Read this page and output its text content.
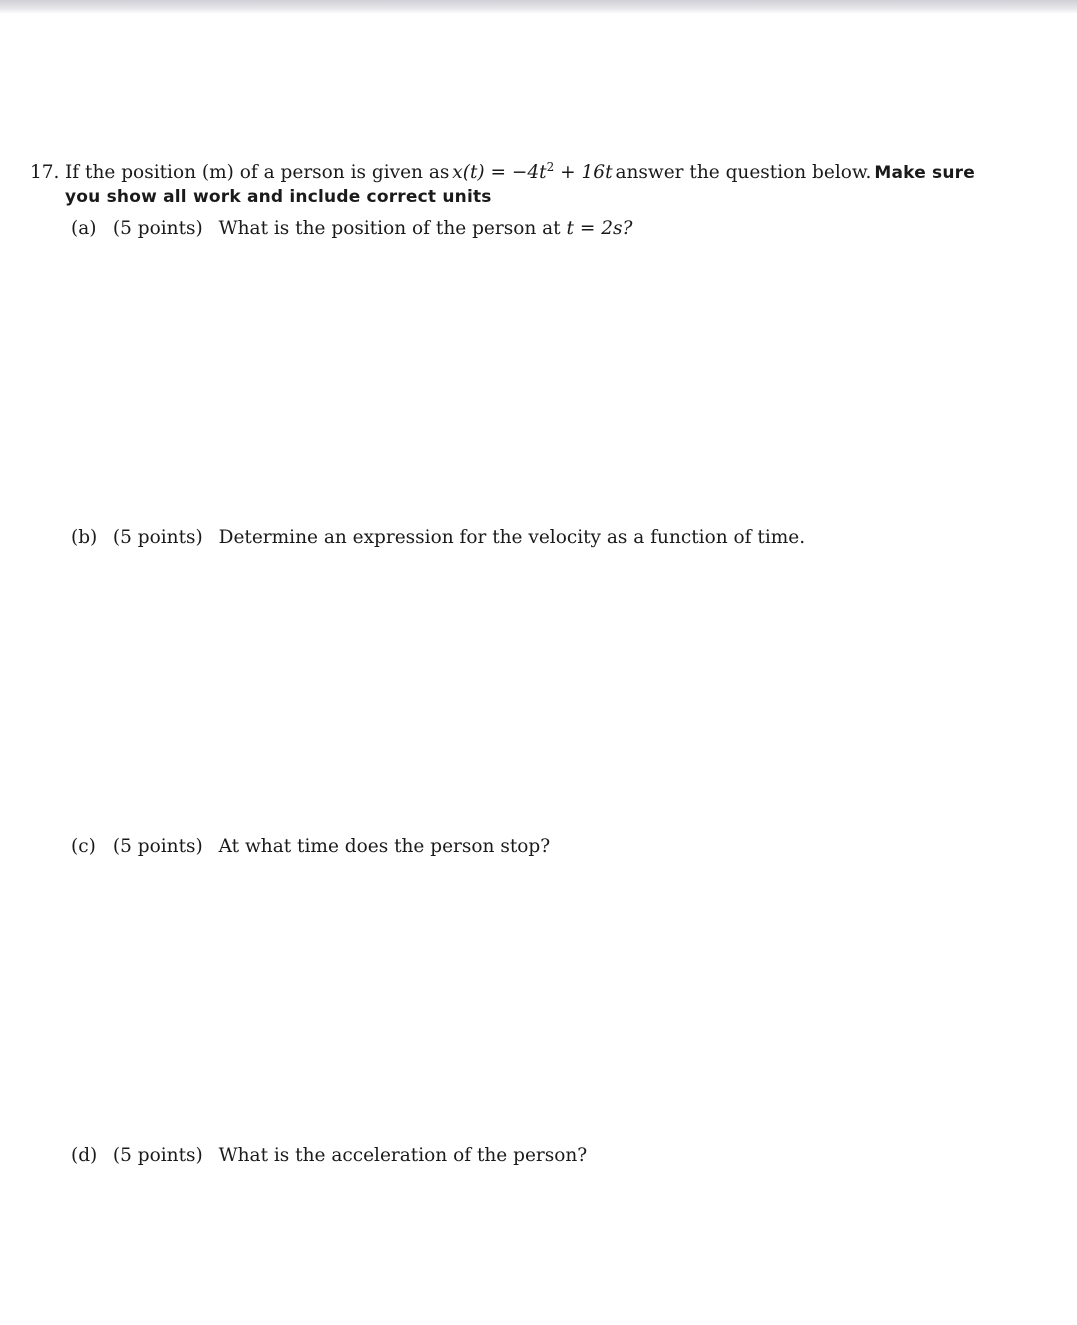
17. If the position (m) of a person is given as $x(t) = -4t^2 + 16t$ answer the question below. Make sure
you show all work and include correct units
(a) (5 points) What is the position of the person at t = 2s?
(b) (5 points) Determine an expression for the velocity as a function of time.
(c) (5 points) At what time does the person stop?
(d) (5 points) What is the acceleration of the person?
